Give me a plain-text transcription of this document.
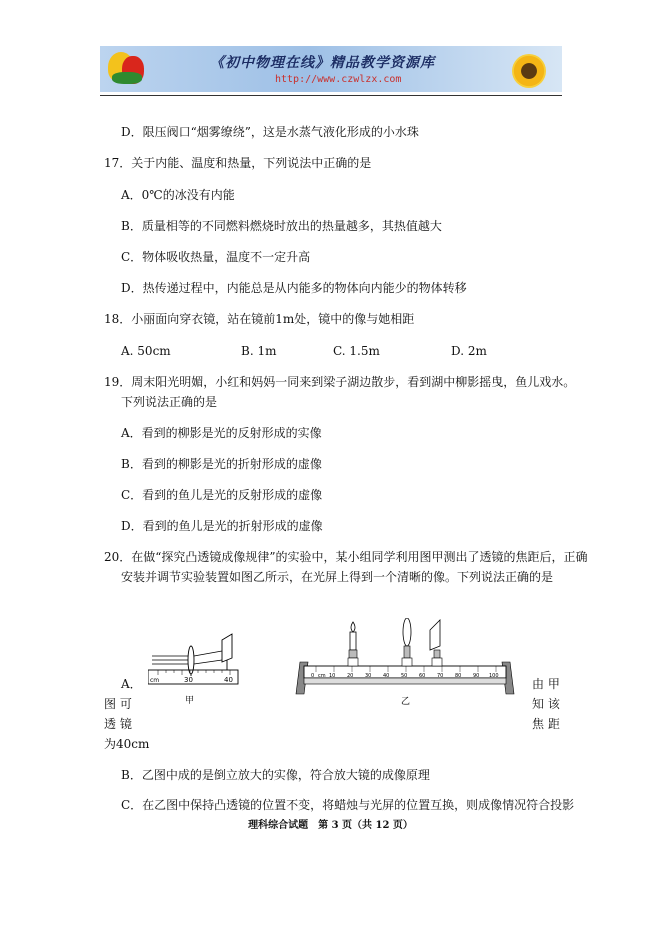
《初中物理在线》精品教学资源库
http://www.czwlzx.com
D．限压阀口“烟雾缭绕”，这是水蒸气液化形成的小水珠
17．关于内能、温度和热量，下列说法中正确的是
A．0℃的冰没有内能
B．质量相等的不同燃料燃烧时放出的热量越多，其热值越大
C．物体吸收热量，温度不一定升高
D．热传递过程中，内能总是从内能多的物体向内能少的物体转移
18．小丽面向穿衣镜，站在镜前1m处，镜中的像与她相距
A. 50cm	B. 1m	C. 1.5m	D. 2m
19．周末阳光明媚，小红和妈妈一同来到梁子湖边散步，看到湖中柳影摇曳，鱼儿戏水。
下列说法正确的是
A．看到的柳影是光的反射形成的实像
B．看到的柳影是光的折射形成的虚像
C．看到的鱼儿是光的反射形成的虚像
D．看到的鱼儿是光的折射形成的虚像
20．在做“探究凸透镜成像规律”的实验中，某小组同学利用图甲测出了透镜的焦距后，正确
安装并调节实验装置如图乙所示，在光屏上得到一个清晰的像。下列说法正确的是
cm	30	40
甲
0 cm 10 20 30 40 50 60 70 80 90 100
乙
A．	由 甲
图 可	知 该
透 镜	焦 距
为40cm
B．乙图中成的是倒立放大的实像，符合放大镜的成像原理
C．在乙图中保持凸透镜的位置不变，将蜡烛与光屏的位置互换，则成像情况符合投影
理科综合试题　第 3 页（共 12 页）
